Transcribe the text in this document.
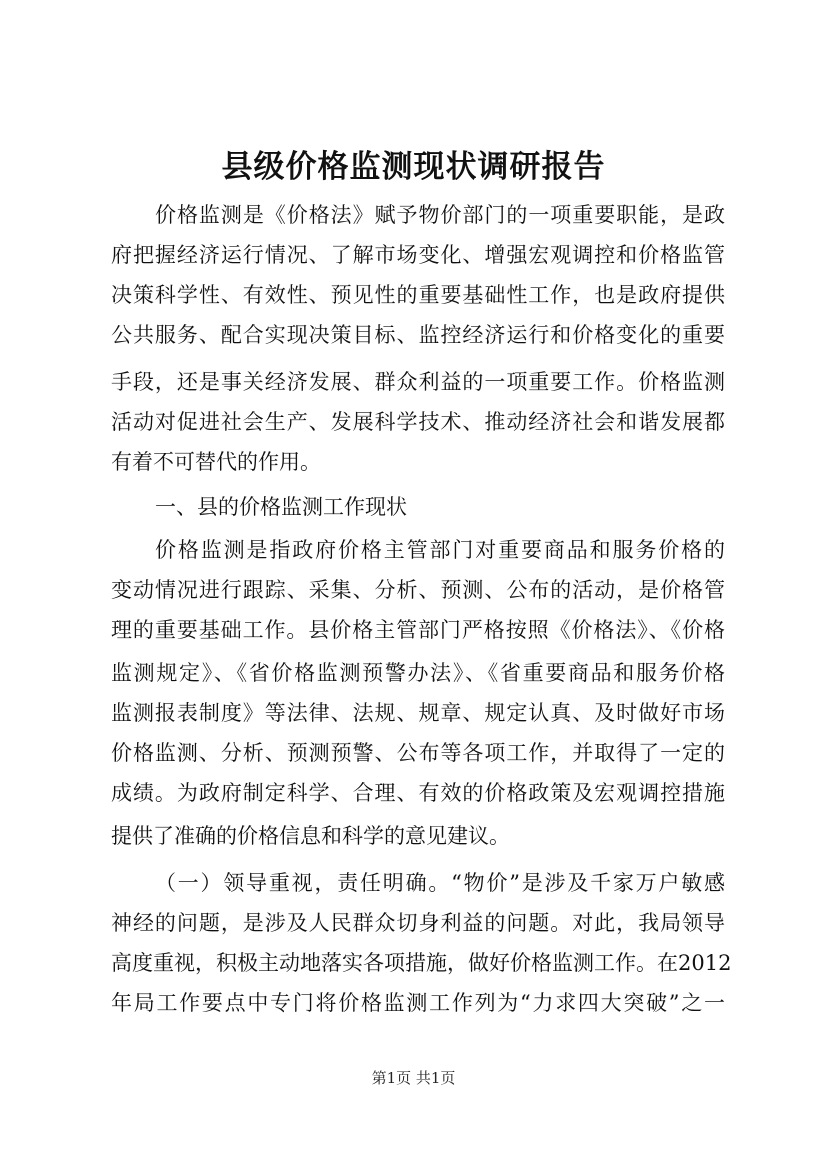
县级价格监测现状调研报告

价格监测是《价格法》赋予物价部门的一项重要职能，是政

府把握经济运行情况、了解市场变化、增强宏观调控和价格监管

决策科学性、有效性、预见性的重要基础性工作，也是政府提供

公共服务、配合实现决策目标、监控经济运行和价格变化的重要

手段，还是事关经济发展、群众利益的一项重要工作。价格监测

活动对促进社会生产、发展科学技术、推动经济社会和谐发展都

有着不可替代的作用。

一、县的价格监测工作现状

价格监测是指政府价格主管部门对重要商品和服务价格的

变动情况进行跟踪、采集、分析、预测、公布的活动，是价格管

理的重要基础工作。县价格主管部门严格按照《价格法》、《价格

监测规定》、《省价格监测预警办法》、《省重要商品和服务价格

监测报表制度》等法律、法规、规章、规定认真、及时做好市场

价格监测、分析、预测预警、公布等各项工作，并取得了一定的

成绩。为政府制定科学、合理、有效的价格政策及宏观调控措施

提供了准确的价格信息和科学的意见建议。

（一）领导重视，责任明确。“物价”是涉及千家万户敏感

神经的问题，是涉及人民群众切身利益的问题。对此，我局领导

高度重视，积极主动地落实各项措施，做好价格监测工作。在2012

年局工作要点中专门将价格监测工作列为“力求四大突破”之一

第1页 共1页
